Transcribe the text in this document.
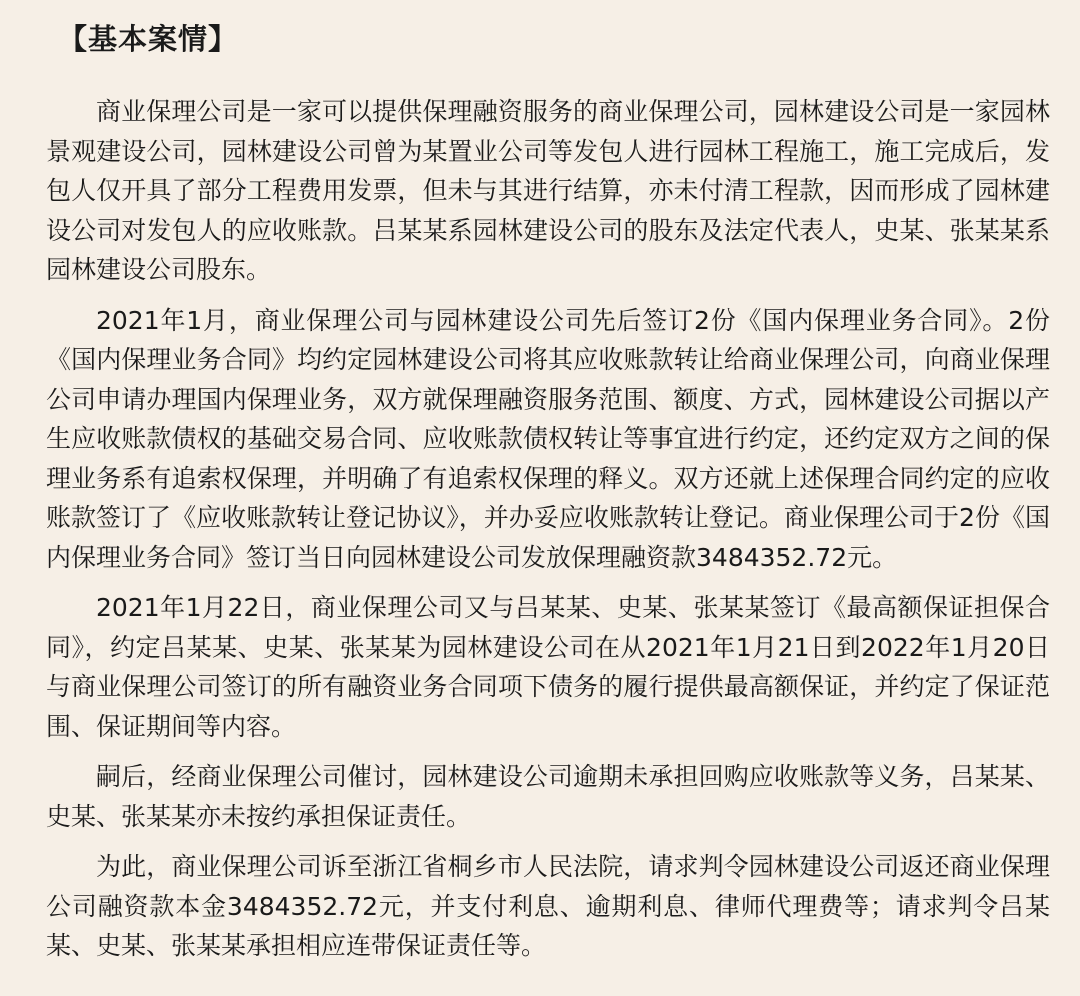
【基本案情】

商业保理公司是一家可以提供保理融资服务的商业保理公司，园林建设公司是一家园林景观建设公司，园林建设公司曾为某置业公司等发包人进行园林工程施工，施工完成后，发包人仅开具了部分工程费用发票，但未与其进行结算，亦未付清工程款，因而形成了园林建设公司对发包人的应收账款。吕某某系园林建设公司的股东及法定代表人，史某、张某某系园林建设公司股东。

2021年1月，商业保理公司与园林建设公司先后签订2份《国内保理业务合同》。2份《国内保理业务合同》均约定园林建设公司将其应收账款转让给商业保理公司，向商业保理公司申请办理国内保理业务，双方就保理融资服务范围、额度、方式，园林建设公司据以产生应收账款债权的基础交易合同、应收账款债权转让等事宜进行约定，还约定双方之间的保理业务系有追索权保理，并明确了有追索权保理的释义。双方还就上述保理合同约定的应收账款签订了《应收账款转让登记协议》，并办妥应收账款转让登记。商业保理公司于2份《国内保理业务合同》签订当日向园林建设公司发放保理融资款3484352.72元。

2021年1月22日，商业保理公司又与吕某某、史某、张某某签订《最高额保证担保合同》，约定吕某某、史某、张某某为园林建设公司在从2021年1月21日到2022年1月20日与商业保理公司签订的所有融资业务合同项下债务的履行提供最高额保证，并约定了保证范围、保证期间等内容。

嗣后，经商业保理公司催讨，园林建设公司逾期未承担回购应收账款等义务，吕某某、史某、张某某亦未按约承担保证责任。

为此，商业保理公司诉至浙江省桐乡市人民法院，请求判令园林建设公司返还商业保理公司融资款本金3484352.72元，并支付利息、逾期利息、律师代理费等；请求判令吕某某、史某、张某某承担相应连带保证责任等。
